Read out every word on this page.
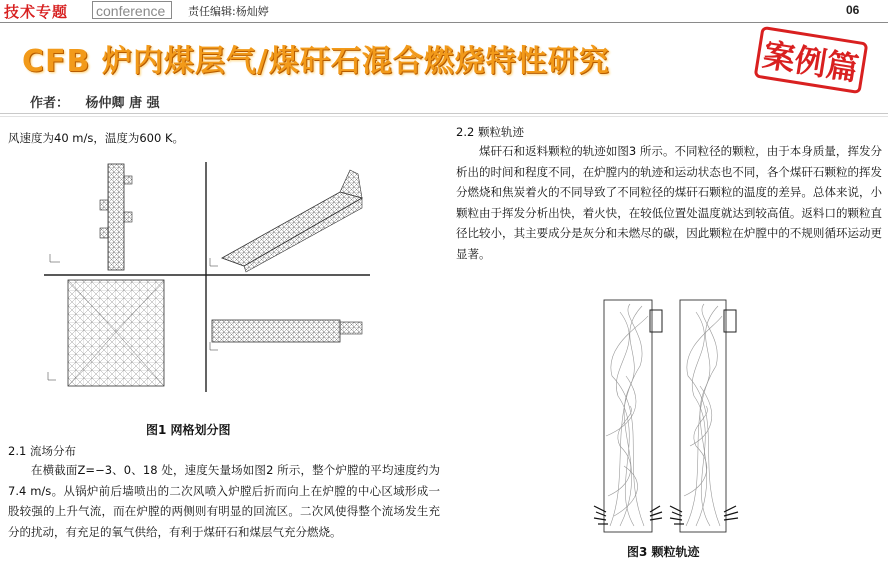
技术专题 conference	责任编辑:杨灿婷	06
CFB 炉内煤层气/煤矸石混合燃烧特性研究	案例篇
作者： 杨仲卿 唐 强
风速度为40 m/s，温度为600 K。
图1 网格划分图
2.1 流场分布

在横截面Z=−3、0、18 处，速度矢量场如图2 所示，整个炉膛的平均速度约为7.4 m/s。从锅炉前后墙喷出的二次风喷入炉膛后折而向上在炉膛的中心区域形成一股较强的上升气流，而在炉膛的两侧则有明显的回流区。二次风使得整个流场发生充分的扰动，有充足的氧气供给，有利于煤矸石和煤层气充分燃烧。

2.2 颗粒轨迹

煤矸石和返料颗粒的轨迹如图3 所示。不同粒径的颗粒，由于本身质量，挥发分析出的时间和程度不同，在炉膛内的轨迹和运动状态也不同，各个煤矸石颗粒的挥发分燃烧和焦炭着火的不同导致了不同粒径的煤矸石颗粒的温度的差异。总体来说，小颗粒由于挥发分析出快，着火快，在较低位置处温度就达到较高值。返料口的颗粒直径比较小，其主要成分是灰分和未燃尽的碳，因此颗粒在炉膛中的不规则循环运动更显著。

图3 颗粒轨迹
